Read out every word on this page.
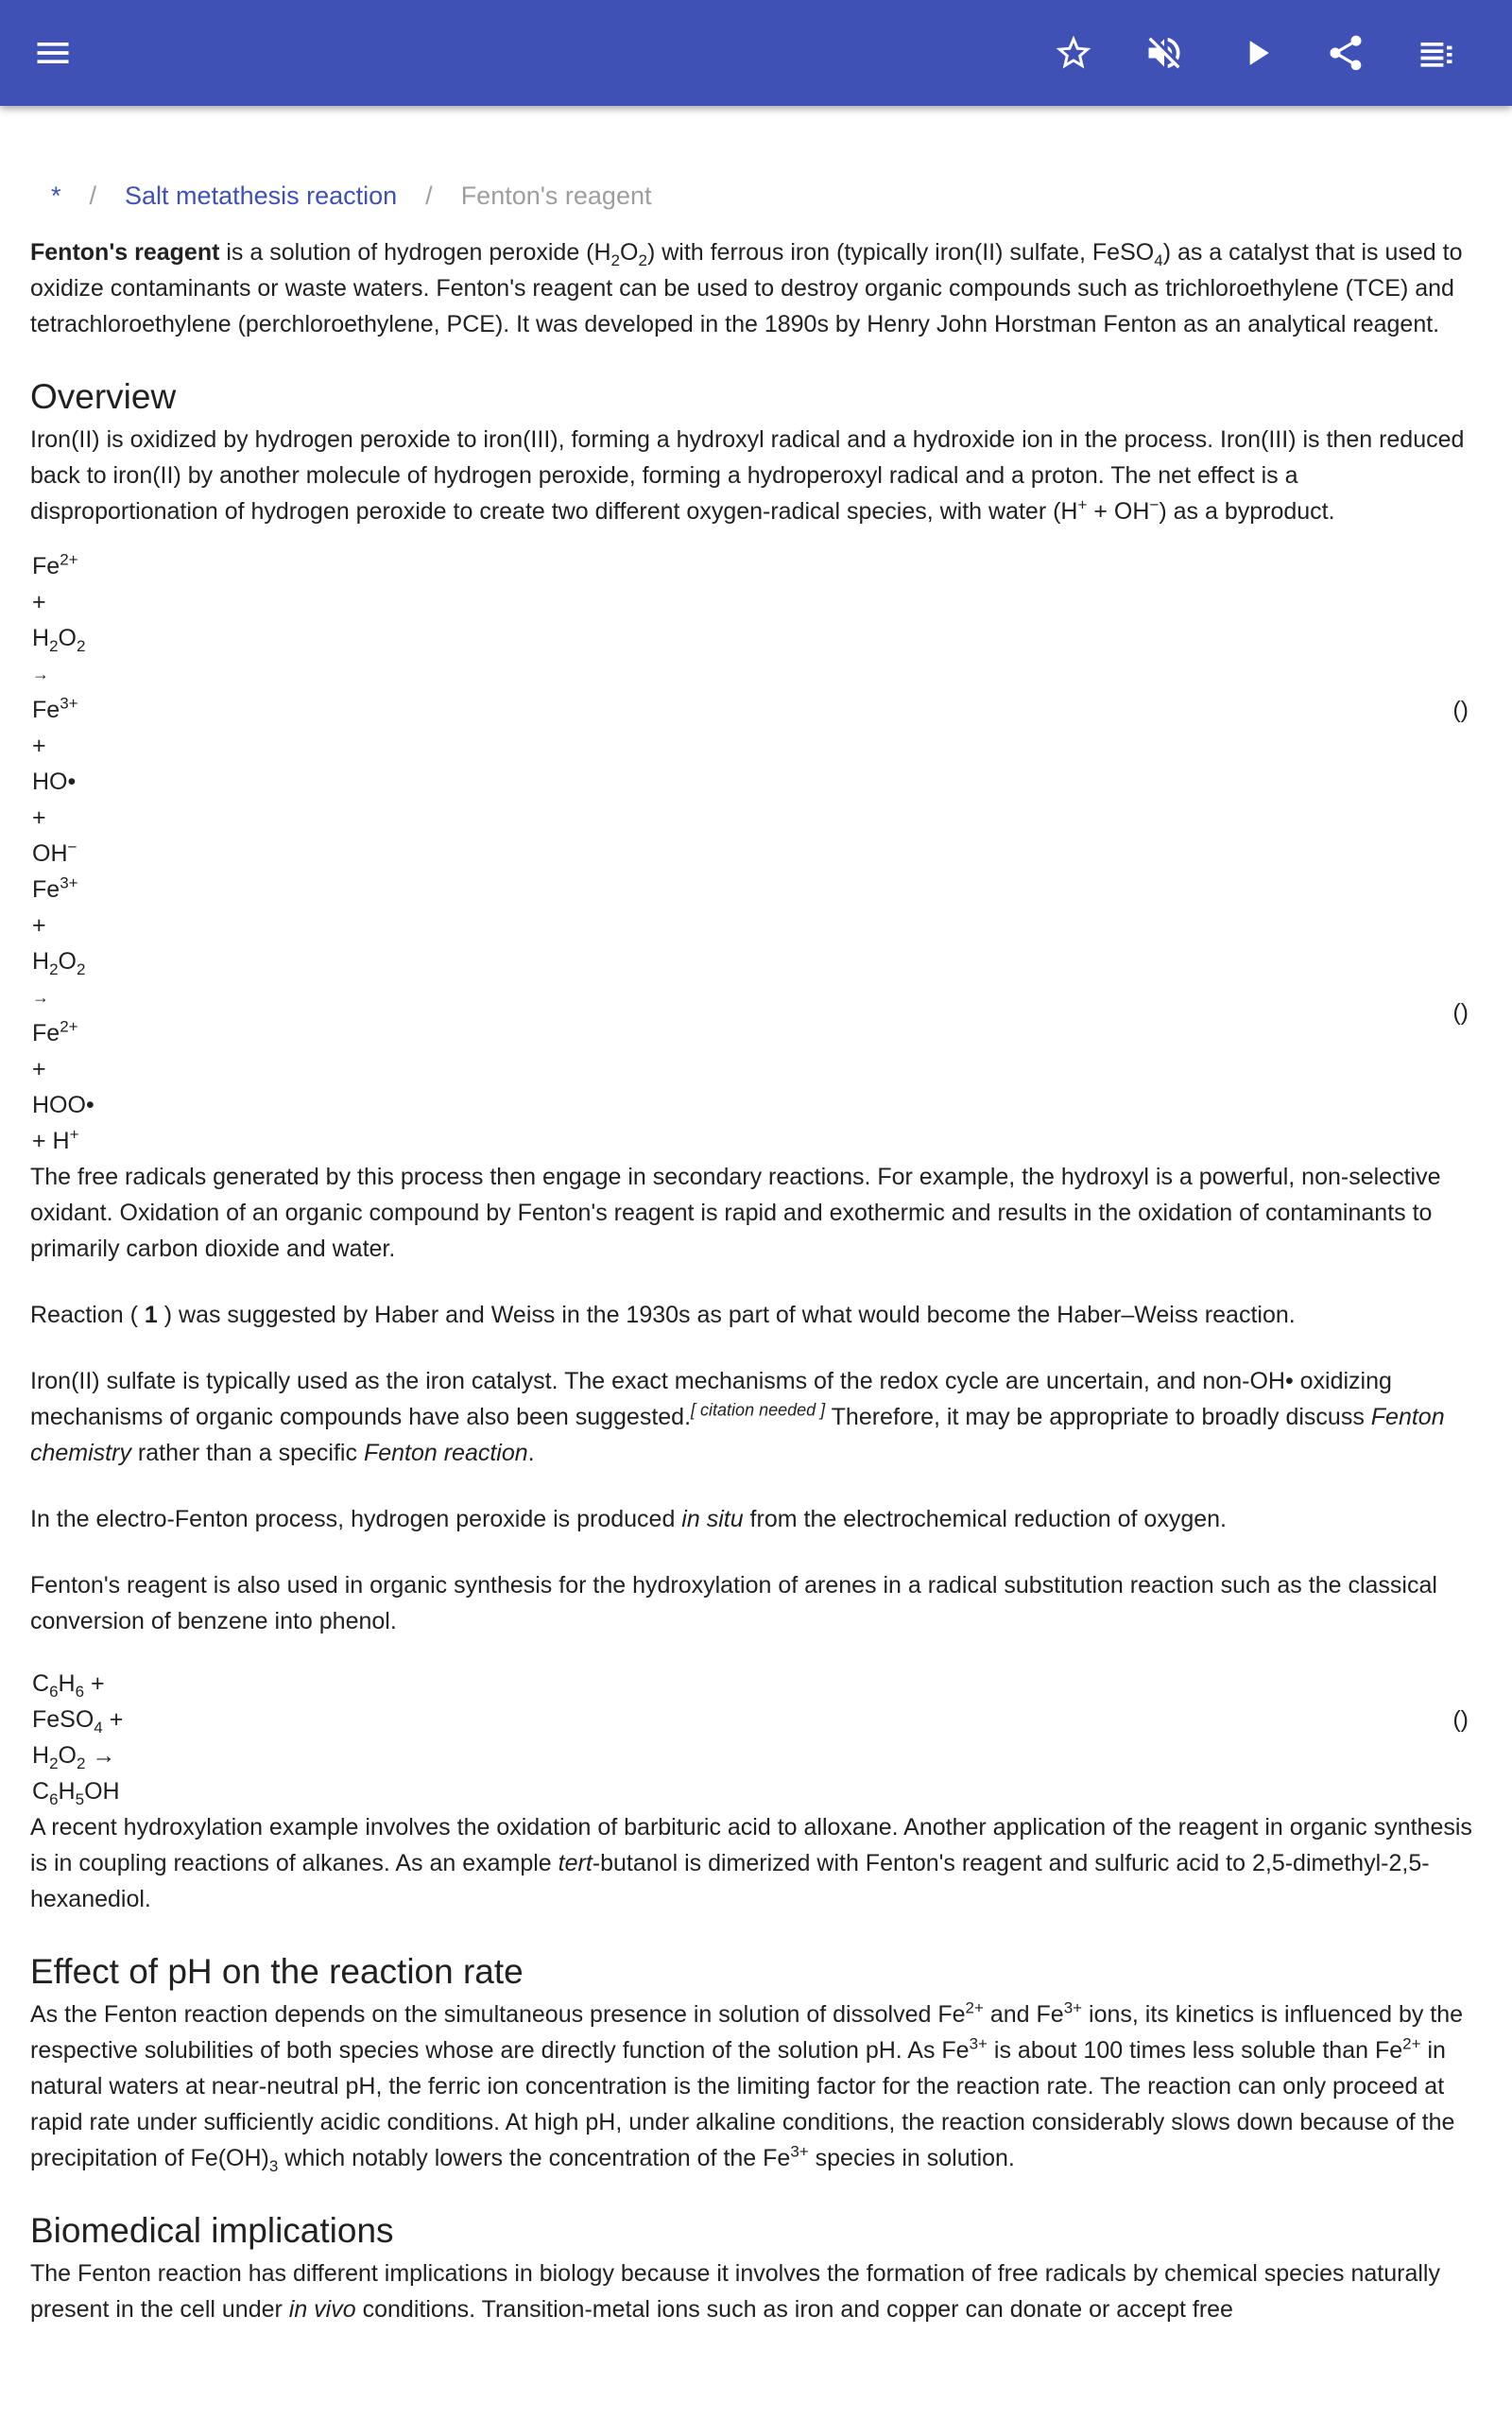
* / Salt metathesis reaction / Fenton's reagent

Fenton's reagent is a solution of hydrogen peroxide $(H_2O_2)$ with ferrous iron (typically iron(II) sulfate, FeSO$_4$) as a catalyst that is used to oxidize contaminants or waste waters. Fenton's reagent can be used to destroy organic compounds such as trichloroethylene (TCE) and tetrachloroethylene (perchloroethylene, PCE). It was developed in the 1890s by Henry John Horstman Fenton as an analytical reagent.

Overview

Iron(II) is oxidized by hydrogen peroxide to iron(III), forming a hydroxyl radical and a hydroxide ion in the process. Iron(III) is then reduced back to iron(II) by another molecule of hydrogen peroxide, forming a hydroperoxyl radical and a proton. The net effect is a disproportionation of hydrogen peroxide to create two different oxygen-radical species, with water (H+ + OH−) as a byproduct.

$Fe^{2+}$
+
$H_2O_2$
→
$Fe^{3+}$
+
HO•
+
OH−
()
$Fe^{3+}$
+
$H_2O_2$
→
$Fe^{2+}$
+
HOO•
+ H+
()

The free radicals generated by this process then engage in secondary reactions. For example, the hydroxyl is a powerful, non-selective oxidant. Oxidation of an organic compound by Fenton's reagent is rapid and exothermic and results in the oxidation of contaminants to primarily carbon dioxide and water.

Reaction ( 1 ) was suggested by Haber and Weiss in the 1930s as part of what would become the Haber–Weiss reaction.

Iron(II) sulfate is typically used as the iron catalyst. The exact mechanisms of the redox cycle are uncertain, and non-OH• oxidizing mechanisms of organic compounds have also been suggested.[ citation needed ] Therefore, it may be appropriate to broadly discuss Fenton chemistry rather than a specific Fenton reaction.

In the electro-Fenton process, hydrogen peroxide is produced in situ from the electrochemical reduction of oxygen.

Fenton's reagent is also used in organic synthesis for the hydroxylation of arenes in a radical substitution reaction such as the classical conversion of benzene into phenol.

$C_6H_6$ +
FeSO$_4$ +
$H_2O_2$ →
$C_6H_5OH$
()

A recent hydroxylation example involves the oxidation of barbituric acid to alloxane. Another application of the reagent in organic synthesis is in coupling reactions of alkanes. As an example tert-butanol is dimerized with Fenton's reagent and sulfuric acid to 2,5-dimethyl-2,5-hexanediol.

Effect of pH on the reaction rate

As the Fenton reaction depends on the simultaneous presence in solution of dissolved $Fe^{2+}$ and $Fe^{3+}$ ions, its kinetics is influenced by the respective solubilities of both species whose are directly function of the solution pH. As $Fe^{3+}$ is about 100 times less soluble than $Fe^{2+}$ in natural waters at near-neutral pH, the ferric ion concentration is the limiting factor for the reaction rate. The reaction can only proceed at rapid rate under sufficiently acidic conditions. At high pH, under alkaline conditions, the reaction considerably slows down because of the precipitation of $Fe(OH)_3$ which notably lowers the concentration of the $Fe^{3+}$ species in solution.

Biomedical implications

The Fenton reaction has different implications in biology because it involves the formation of free radicals by chemical species naturally present in the cell under in vivo conditions. Transition-metal ions such as iron and copper can donate or accept free
